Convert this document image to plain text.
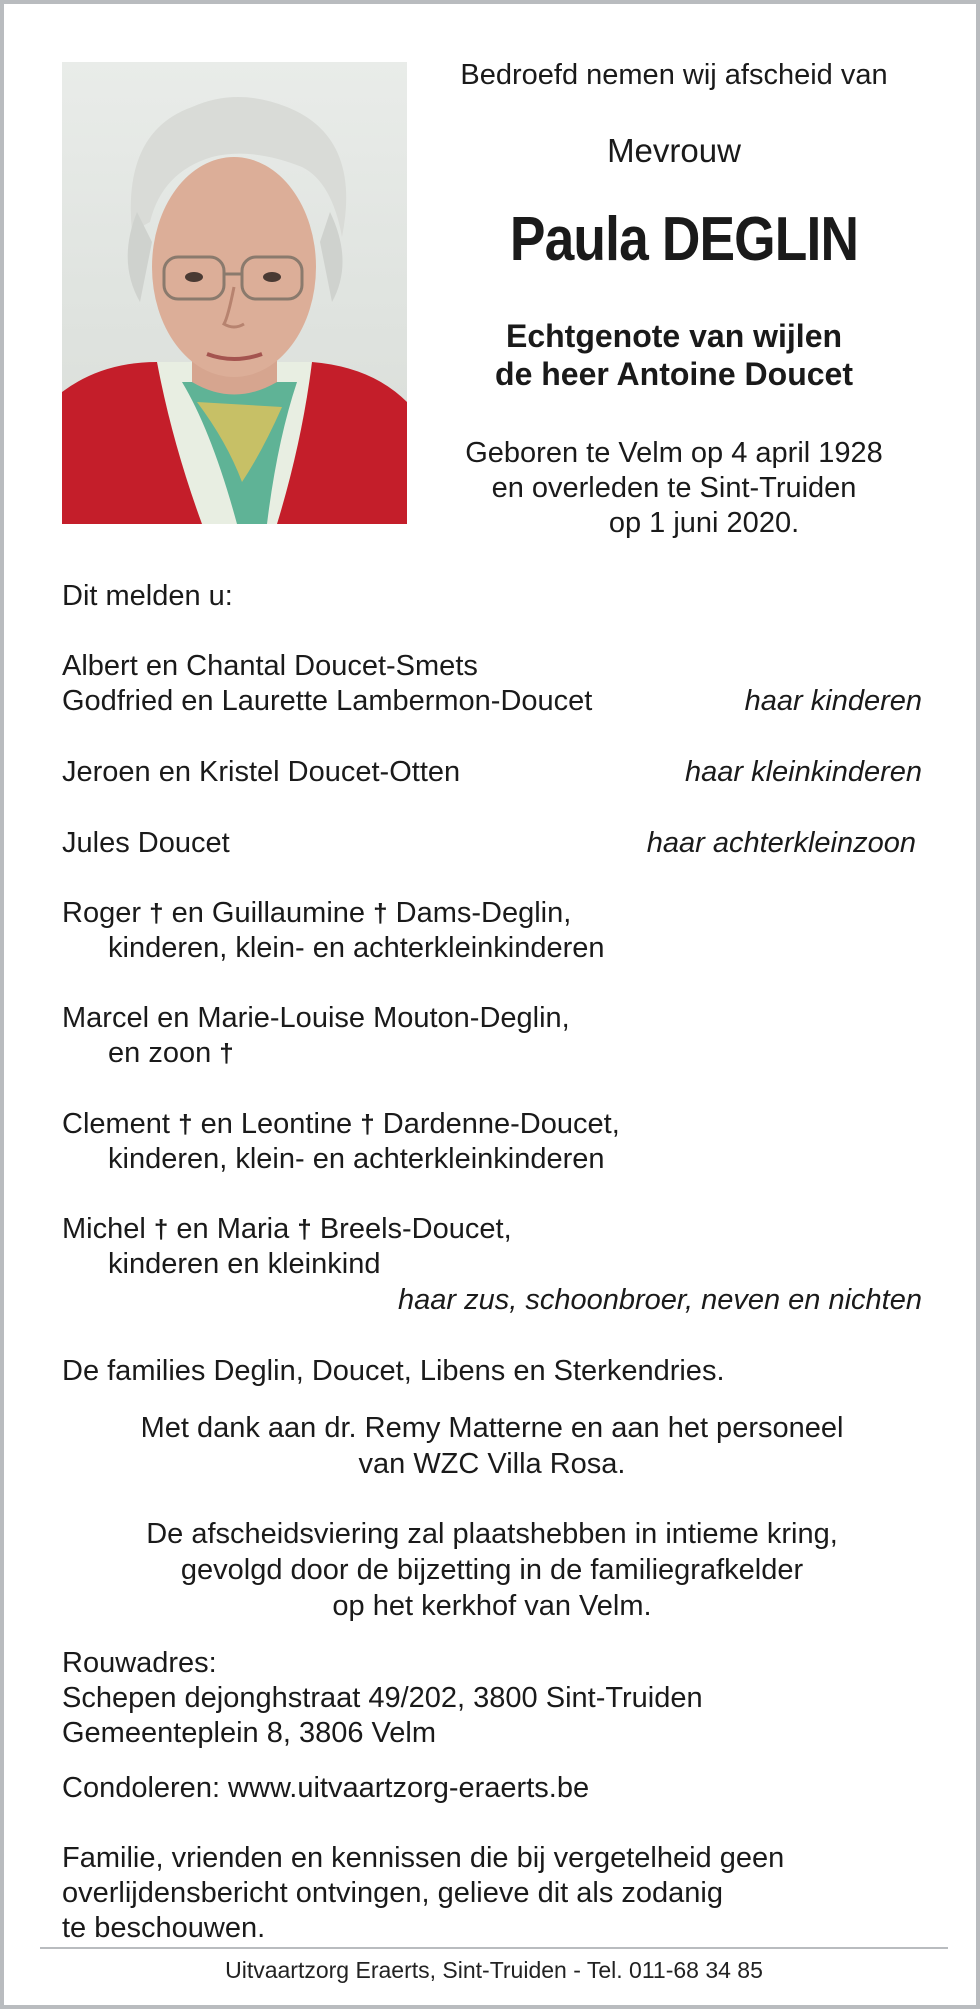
Bedroefd nemen wij afscheid van
Mevrouw
Paula DEGLIN
Echtgenote van wijlen
de heer Antoine Doucet
Geboren te Velm op 4 april 1928
en overleden te Sint-Truiden
op 1 juni 2020.
Dit melden u:
Albert en Chantal Doucet-Smets
Godfried en Laurette Lambermon-Doucet	haar kinderen
Jeroen en Kristel Doucet-Otten	haar kleinkinderen
Jules Doucet	haar achterkleinzoon
Roger † en Guillaumine † Dams-Deglin,
kinderen, klein- en achterkleinkinderen
Marcel en Marie-Louise Mouton-Deglin,
en zoon †
Clement † en Leontine † Dardenne-Doucet,
kinderen, klein- en achterkleinkinderen
Michel † en Maria † Breels-Doucet,
kinderen en kleinkind
haar zus, schoonbroer, neven en nichten
De families Deglin, Doucet, Libens en Sterkendries.
Met dank aan dr. Remy Matterne en aan het personeel
van WZC Villa Rosa.
De afscheidsviering zal plaatshebben in intieme kring,
gevolgd door de bijzetting in de familiegrafkelder
op het kerkhof van Velm.
Rouwadres:
Schepen dejonghstraat 49/202, 3800 Sint-Truiden
Gemeenteplein 8, 3806 Velm
Condoleren: www.uitvaartzorg-eraerts.be
Familie, vrienden en kennissen die bij vergetelheid geen
overlijdensbericht ontvingen, gelieve dit als zodanig
te beschouwen.
Uitvaartzorg Eraerts, Sint-Truiden - Tel. 011-68 34 85
